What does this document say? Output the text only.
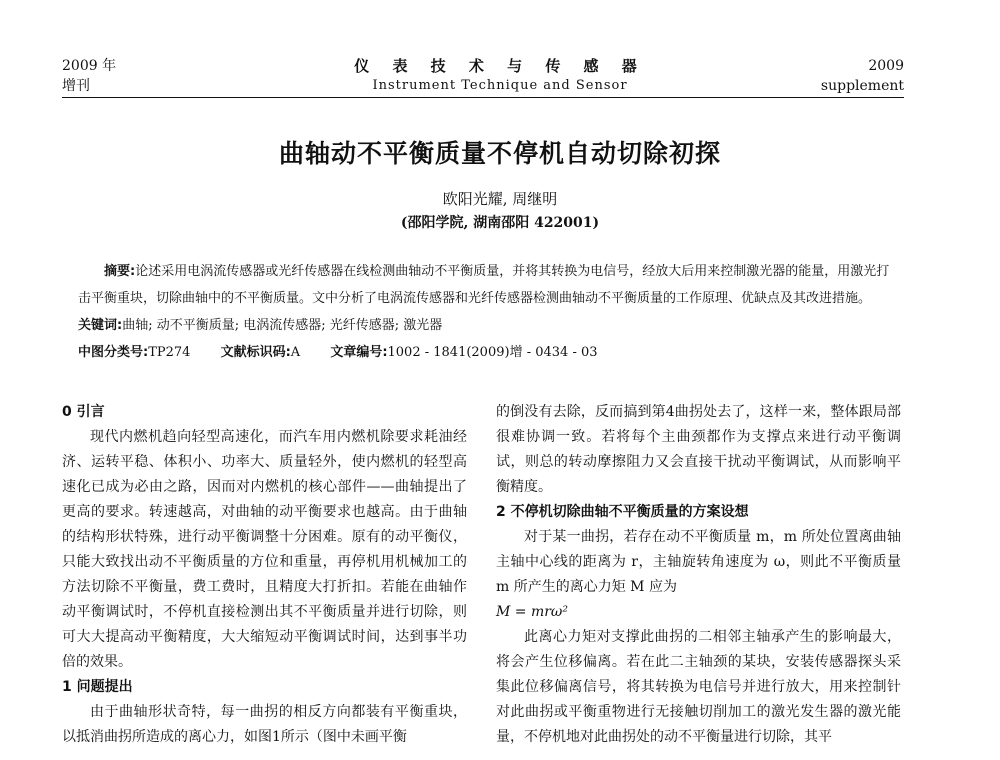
2009 年
增刊
仪 表 技 术 与 传 感 器
Instrument Technique and Sensor
2009
supplement
曲轴动不平衡质量不停机自动切除初探
欧阳光耀, 周继明
(邵阳学院, 湖南邵阳 422001)

摘要:论述采用电涡流传感器或光纤传感器在线检测曲轴动不平衡质量，并将其转换为电信号，经放大后用来控制激光器的能量，用激光打击平衡重块，切除曲轴中的不平衡质量。文中分析了电涡流传感器和光纤传感器检测曲轴动不平衡质量的工作原理、优缺点及其改进措施。

关键词:曲轴; 动不平衡质量; 电涡流传感器; 光纤传感器; 激光器

中图分类号:TP274 文献标识码:A 文章编号:1002 - 1841(2009)增 - 0434 - 03

0 引言

现代内燃机趋向轻型高速化，而汽车用内燃机除要求耗油经济、运转平稳、体积小、功率大、质量轻外，使内燃机的轻型高速化已成为必由之路，因而对内燃机的核心部件——曲轴提出了更高的要求。转速越高，对曲轴的动平衡要求也越高。由于曲轴的结构形状特殊，进行动平衡调整十分困难。原有的动平衡仪，只能大致找出动不平衡质量的方位和重量，再停机用机械加工的方法切除不平衡量，费工费时，且精度大打折扣。若能在曲轴作动平衡调试时，不停机直接检测出其不平衡质量并进行切除，则可大大提高动平衡精度，大大缩短动平衡调试时间，达到事半功倍的效果。

1 问题提出

由于曲轴形状奇特，每一曲拐的相反方向都装有平衡重块，以抵消曲拐所造成的离心力，如图1所示（图中未画平衡

的倒没有去除，反而搞到第4曲拐处去了，这样一来，整体跟局部很难协调一致。若将每个主曲颈都作为支撑点来进行动平衡调试，则总的转动摩擦阻力又会直接干扰动平衡调试，从而影响平衡精度。

2 不停机切除曲轴不平衡质量的方案设想

对于某一曲拐，若存在动不平衡质量 m，m 所处位置离曲轴主轴中心线的距离为 r，主轴旋转角速度为 ω，则此不平衡质量 m 所产生的离心力矩 M 应为

M = mrω²

此离心力矩对支撑此曲拐的二相邻主轴承产生的影响最大，将会产生位移偏离。若在此二主轴颈的某块，安装传感器探头采集此位移偏离信号，将其转换为电信号并进行放大，用来控制针对此曲拐或平衡重物进行无接触切削加工的激光发生器的激光能量，不停机地对此曲拐处的动不平衡量进行切除，其平
